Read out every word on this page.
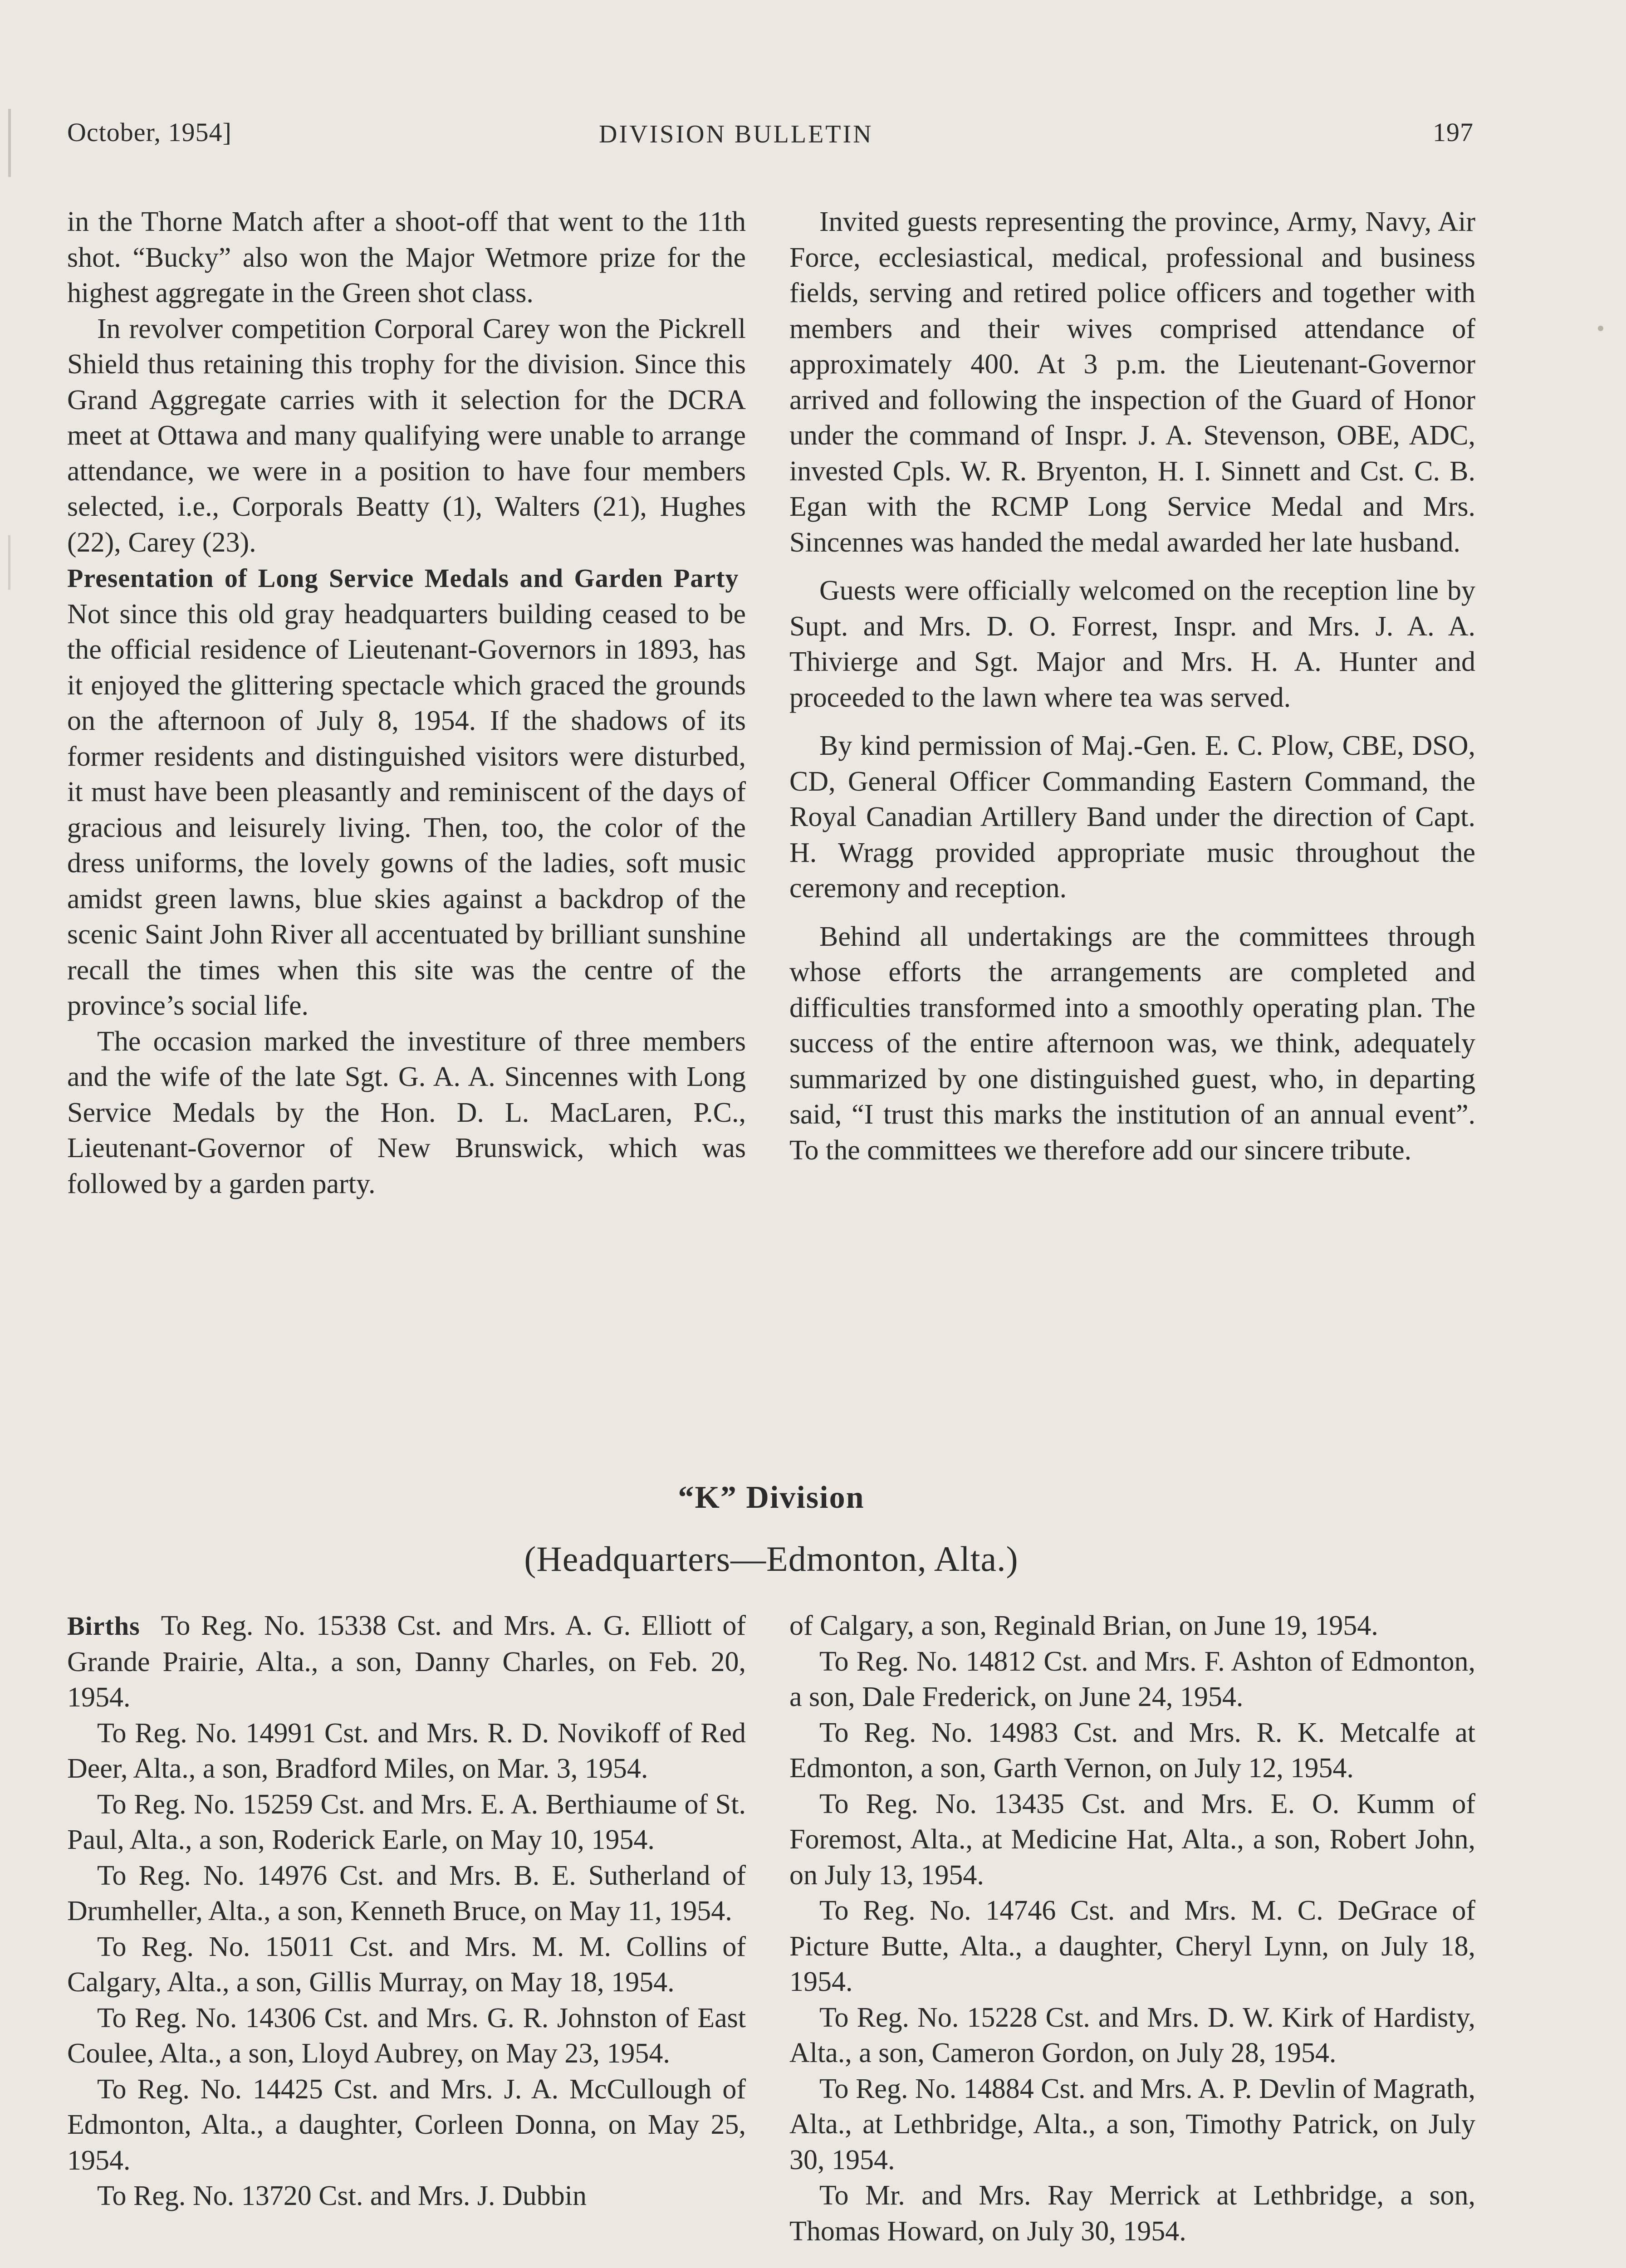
October, 1954]	DIVISION BULLETIN	197

in the Thorne Match after a shoot-off that went to the 11th shot. “Bucky” also won the Major Wetmore prize for the highest aggregate in the Green shot class.

In revolver competition Corporal Carey won the Pickrell Shield thus retaining this trophy for the division. Since this Grand Aggregate carries with it selection for the DCRA meet at Ottawa and many qualifying were unable to arrange attendance, we were in a position to have four members selected, i.e., Corporals Beatty (1), Walters (21), Hughes (22), Carey (23).

Presentation of Long Service Medals and Garden Party  Not since this old gray headquarters building ceased to be the official residence of Lieutenant-Governors in 1893, has it enjoyed the glittering spectacle which graced the grounds on the afternoon of July 8, 1954. If the shadows of its former residents and distinguished visitors were disturbed, it must have been pleasantly and reminiscent of the days of gracious and leisurely living. Then, too, the color of the dress uniforms, the lovely gowns of the ladies, soft music amidst green lawns, blue skies against a backdrop of the scenic Saint John River all accentuated by brilliant sunshine recall the times when this site was the centre of the province’s social life.

The occasion marked the investiture of three members and the wife of the late Sgt. G. A. A. Sincennes with Long Service Medals by the Hon. D. L. MacLaren, P.C., Lieutenant-Governor of New Brunswick, which was followed by a garden party.

Invited guests representing the province, Army, Navy, Air Force, ecclesiastical, medical, professional and business fields, serving and retired police officers and together with members and their wives comprised attendance of approximately 400. At 3 p.m. the Lieutenant-Governor arrived and following the inspection of the Guard of Honor under the command of Inspr. J. A. Stevenson, OBE, ADC, invested Cpls. W. R. Bryenton, H. I. Sinnett and Cst. C. B. Egan with the RCMP Long Service Medal and Mrs. Sincennes was handed the medal awarded her late husband.

Guests were officially welcomed on the reception line by Supt. and Mrs. D. O. Forrest, Inspr. and Mrs. J. A. A. Thivierge and Sgt. Major and Mrs. H. A. Hunter and proceeded to the lawn where tea was served.

By kind permission of Maj.-Gen. E. C. Plow, CBE, DSO, CD, General Officer Commanding Eastern Command, the Royal Canadian Artillery Band under the direction of Capt. H. Wragg provided appropriate music throughout the ceremony and reception.

Behind all undertakings are the committees through whose efforts the arrangements are completed and difficulties transformed into a smoothly operating plan. The success of the entire afternoon was, we think, adequately summarized by one distinguished guest, who, in departing said, “I trust this marks the institution of an annual event”. To the committees we therefore add our sincere tribute.

“K” Division
(Headquarters—Edmonton, Alta.)

Births To Reg. No. 15338 Cst. and Mrs. A. G. Elliott of Grande Prairie, Alta., a son, Danny Charles, on Feb. 20, 1954.

To Reg. No. 14991 Cst. and Mrs. R. D. Novikoff of Red Deer, Alta., a son, Bradford Miles, on Mar. 3, 1954.

To Reg. No. 15259 Cst. and Mrs. E. A. Berthiaume of St. Paul, Alta., a son, Roderick Earle, on May 10, 1954.

To Reg. No. 14976 Cst. and Mrs. B. E. Sutherland of Drumheller, Alta., a son, Kenneth Bruce, on May 11, 1954.

To Reg. No. 15011 Cst. and Mrs. M. M. Collins of Calgary, Alta., a son, Gillis Murray, on May 18, 1954.

To Reg. No. 14306 Cst. and Mrs. G. R. Johnston of East Coulee, Alta., a son, Lloyd Aubrey, on May 23, 1954.

To Reg. No. 14425 Cst. and Mrs. J. A. McCullough of Edmonton, Alta., a daughter, Corleen Donna, on May 25, 1954.

To Reg. No. 13720 Cst. and Mrs. J. Dubbin

of Calgary, a son, Reginald Brian, on June 19, 1954.

To Reg. No. 14812 Cst. and Mrs. F. Ashton of Edmonton, a son, Dale Frederick, on June 24, 1954.

To Reg. No. 14983 Cst. and Mrs. R. K. Metcalfe at Edmonton, a son, Garth Vernon, on July 12, 1954.

To Reg. No. 13435 Cst. and Mrs. E. O. Kumm of Foremost, Alta., at Medicine Hat, Alta., a son, Robert John, on July 13, 1954.

To Reg. No. 14746 Cst. and Mrs. M. C. DeGrace of Picture Butte, Alta., a daughter, Cheryl Lynn, on July 18, 1954.

To Reg. No. 15228 Cst. and Mrs. D. W. Kirk of Hardisty, Alta., a son, Cameron Gordon, on July 28, 1954.

To Reg. No. 14884 Cst. and Mrs. A. P. Devlin of Magrath, Alta., at Lethbridge, Alta., a son, Timothy Patrick, on July 30, 1954.

To Mr. and Mrs. Ray Merrick at Lethbridge, a son, Thomas Howard, on July 30, 1954.
